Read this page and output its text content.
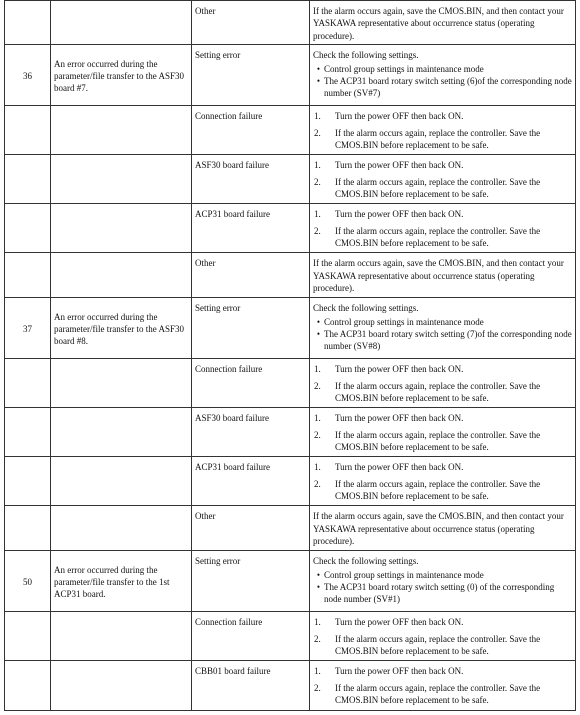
		Other	If the alarm occurs again, save the CMOS.BIN, and then contact your YASKAWA representative about occurrence status (operating procedure).
36	An error occurred during the parameter/file transfer to the ASF30 board #7.	Setting error	Check the following settings.
• Control group settings in maintenance mode
• The ACP31 board rotary switch setting (6)of the corresponding node number (SV#7)

		Connection failure	1. Turn the power OFF then back ON.
2. If the alarm occurs again, replace the controller. Save the CMOS.BIN before replacement to be safe.

		ASF30 board failure	1. Turn the power OFF then back ON.
2. If the alarm occurs again, replace the controller. Save the CMOS.BIN before replacement to be safe.

		ACP31 board failure	1. Turn the power OFF then back ON.
2. If the alarm occurs again, replace the controller. Save the CMOS.BIN before replacement to be safe.

		Other	If the alarm occurs again, save the CMOS.BIN, and then contact your YASKAWA representative about occurrence status (operating procedure).
37	An error occurred during the parameter/file transfer to the ASF30 board #8.	Setting error	Check the following settings.
• Control group settings in maintenance mode
• The ACP31 board rotary switch setting (7)of the corresponding node number (SV#8)

		Connection failure	1. Turn the power OFF then back ON.
2. If the alarm occurs again, replace the controller. Save the CMOS.BIN before replacement to be safe.

		ASF30 board failure	1. Turn the power OFF then back ON.
2. If the alarm occurs again, replace the controller. Save the CMOS.BIN before replacement to be safe.

		ACP31 board failure	1. Turn the power OFF then back ON.
2. If the alarm occurs again, replace the controller. Save the CMOS.BIN before replacement to be safe.

		Other	If the alarm occurs again, save the CMOS.BIN, and then contact your YASKAWA representative about occurrence status (operating procedure).
50	An error occurred during the parameter/file transfer to the 1st ACP31 board.	Setting error	Check the following settings.
• Control group settings in maintenance mode
• The ACP31 board rotary switch setting (0) of the corresponding node number (SV#1)

		Connection failure	1. Turn the power OFF then back ON.
2. If the alarm occurs again, replace the controller. Save the CMOS.BIN before replacement to be safe.

		CBB01 board failure	1. Turn the power OFF then back ON.
2. If the alarm occurs again, replace the controller. Save the CMOS.BIN before replacement to be safe.
